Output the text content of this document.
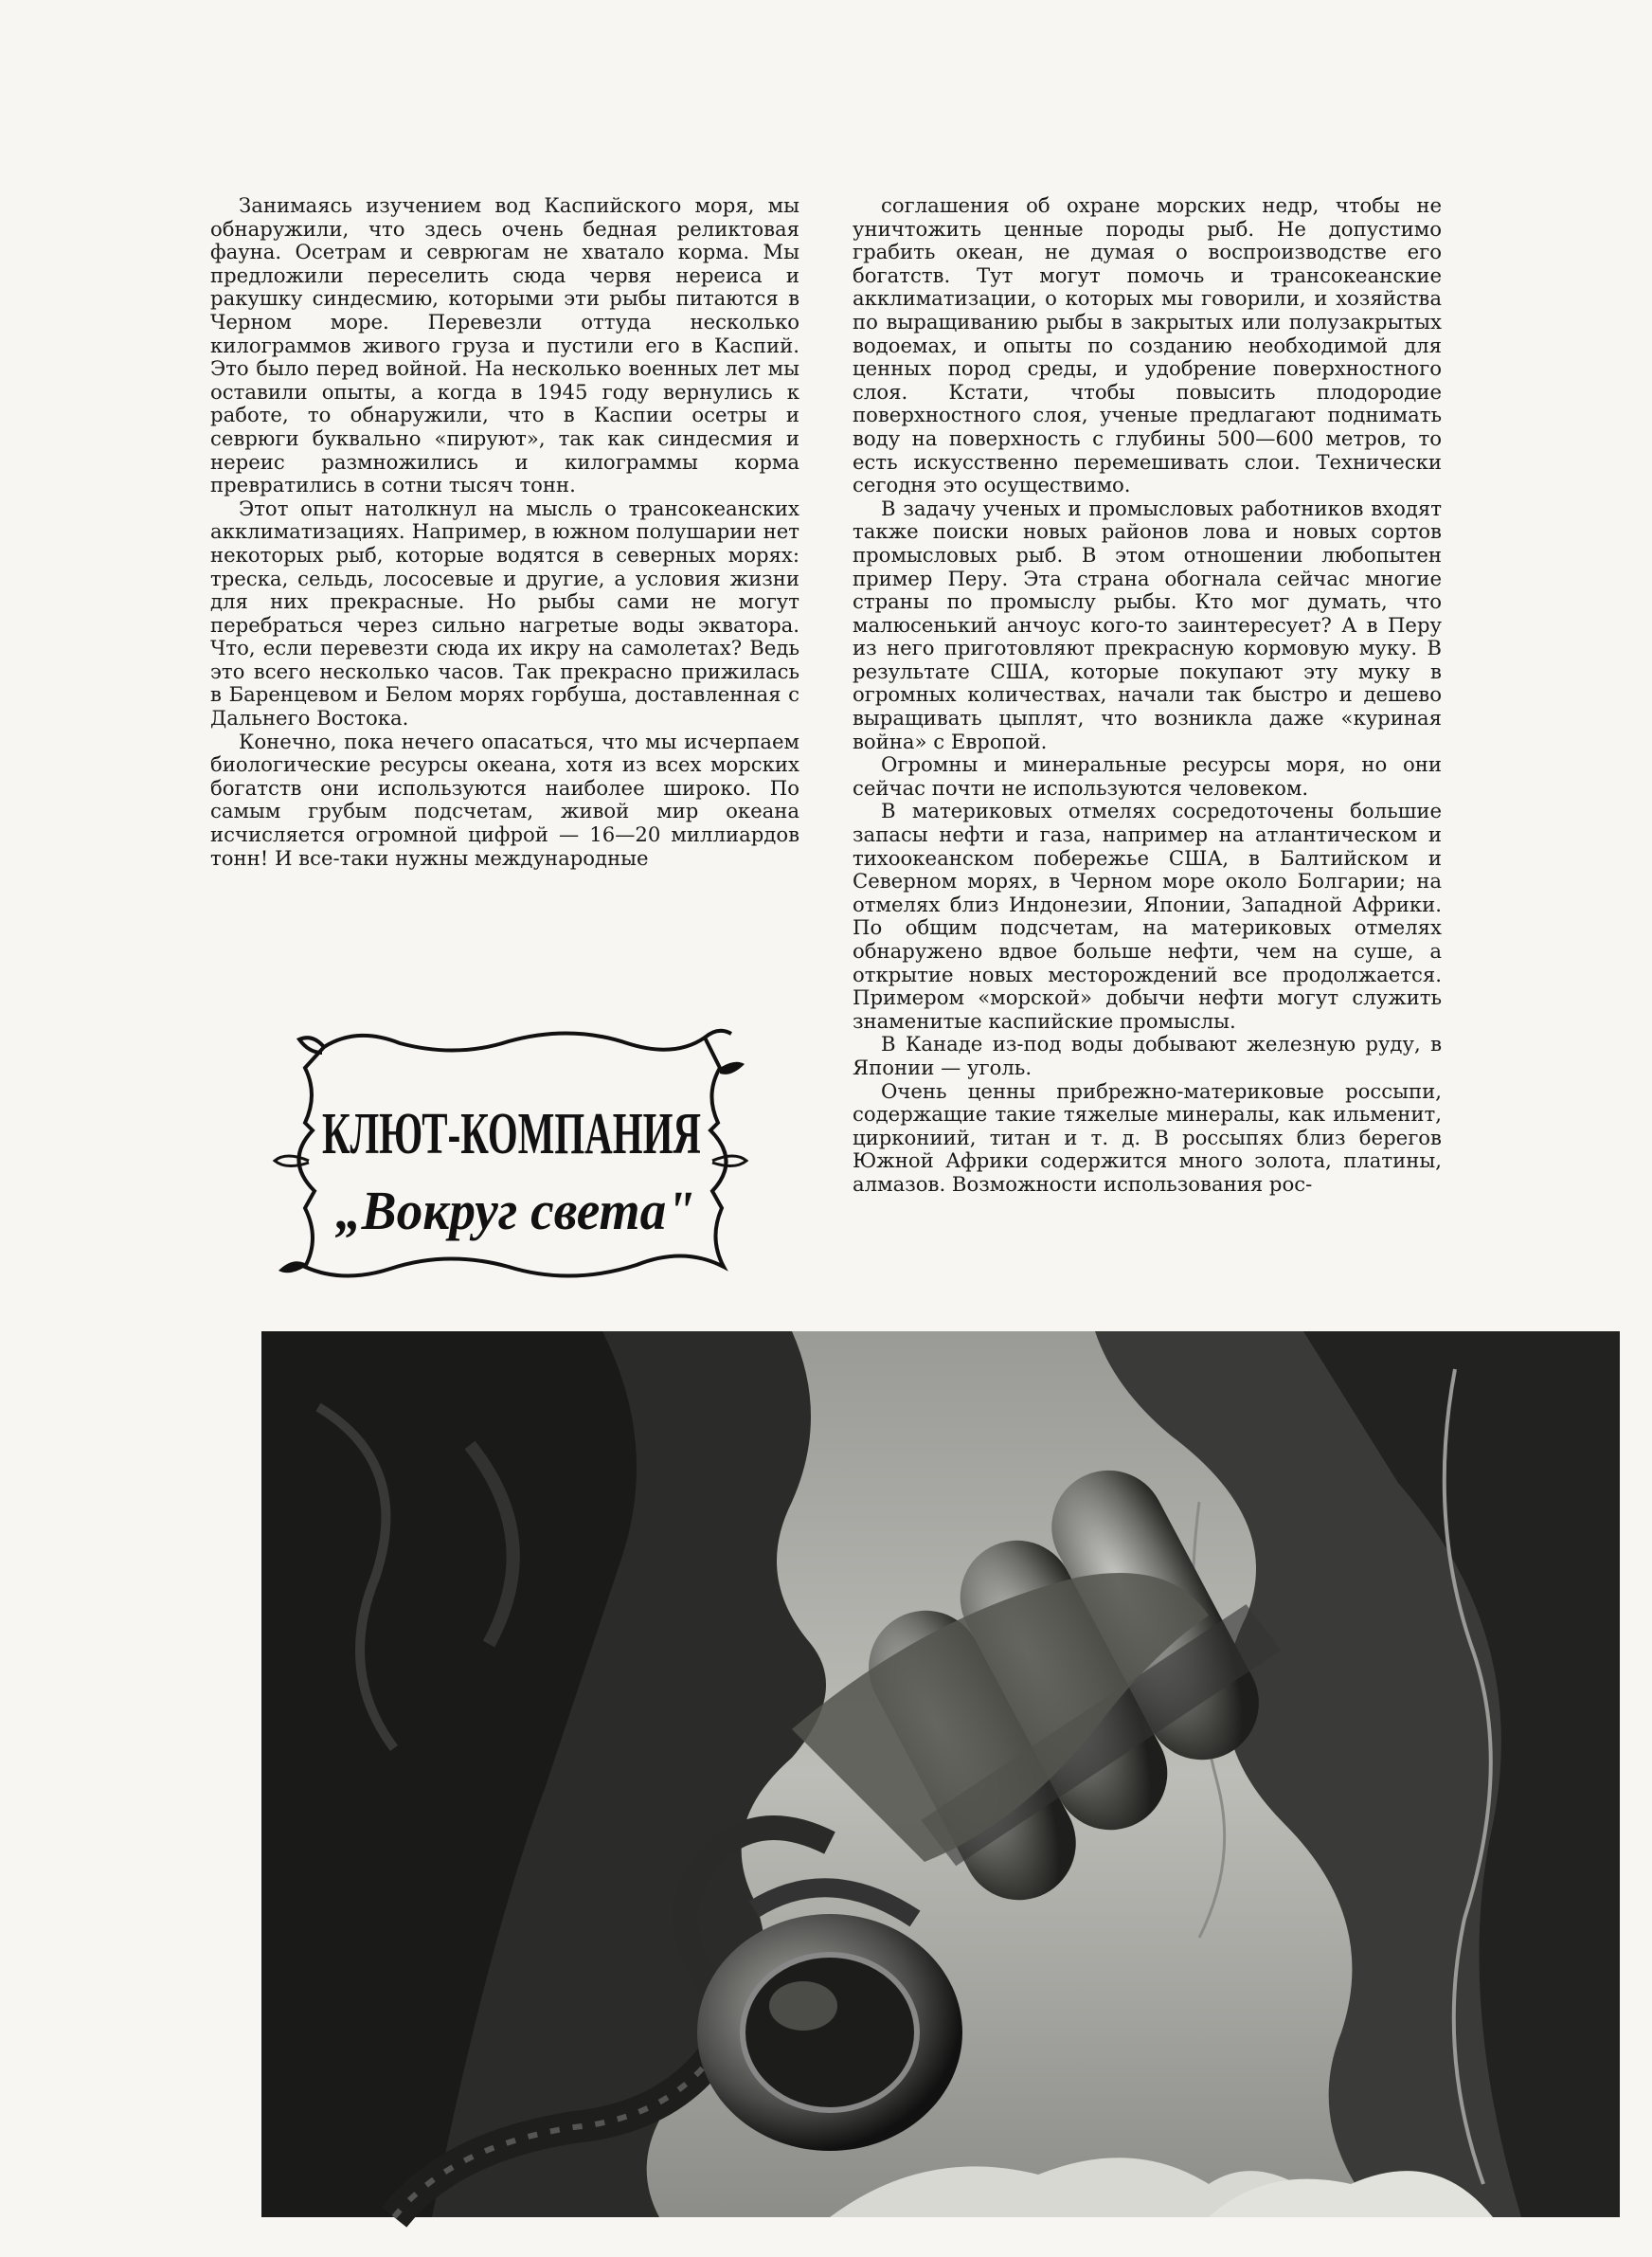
Занимаясь изучением вод Каспийского моря, мы обнаружили, что здесь очень бедная реликтовая фауна. Осетрам и севрюгам не хватало корма. Мы предложили переселить сюда червя нереиса и ракушку синдесмию, которыми эти рыбы питаются в Черном море. Перевезли оттуда несколько килограммов живого груза и пустили его в Каспий. Это было перед войной. На несколько военных лет мы оставили опыты, а когда в 1945 году вернулись к работе, то обнаружили, что в Каспии осетры и севрюги буквально «пируют», так как синдесмия и нереис размножились и килограммы корма превратились в сотни тысяч тонн.

Этот опыт натолкнул на мысль о трансокеанских акклиматизациях. Например, в южном полушарии нет некоторых рыб, которые водятся в северных морях: треска, сельдь, лососевые и другие, а условия жизни для них прекрасные. Но рыбы сами не могут перебраться через сильно нагретые воды экватора. Что, если перевезти сюда их икру на самолетах? Ведь это всего несколько часов. Так прекрасно прижилась в Баренцевом и Белом морях горбуша, доставленная с Дальнего Востока.

Конечно, пока нечего опасаться, что мы исчерпаем биологические ресурсы океана, хотя из всех морских богатств они используются наиболее широко. По самым грубым подсчетам, живой мир океана исчисляется огромной цифрой — 16—20 миллиардов тонн! И все-таки нужны международные

соглашения об охране морских недр, чтобы не уничтожить ценные породы рыб. Не допустимо грабить океан, не думая о воспроизводстве его богатств. Тут могут помочь и трансокеанские акклиматизации, о которых мы говорили, и хозяйства по выращиванию рыбы в закрытых или полузакрытых водоемах, и опыты по созданию необходимой для ценных пород среды, и удобрение поверхностного слоя. Кстати, чтобы повысить плодородие поверхностного слоя, ученые предлагают поднимать воду на поверхность с глубины 500—600 метров, то есть искусственно перемешивать слои. Технически сегодня это осуществимо.

В задачу ученых и промысловых работников входят также поиски новых районов лова и новых сортов промысловых рыб. В этом отношении любопытен пример Перу. Эта страна обогнала сейчас многие страны по промыслу рыбы. Кто мог думать, что малюсенький анчоус кого-то заинтересует? А в Перу из него приготовляют прекрасную кормовую муку. В результате США, которые покупают эту муку в огромных количествах, начали так быстро и дешево выращивать цыплят, что возникла даже «куриная война» с Европой.

Огромны и минеральные ресурсы моря, но они сейчас почти не используются человеком.

В материковых отмелях сосредоточены большие запасы нефти и газа, например на атлантическом и тихоокеанском побережье США, в Балтийском и Северном морях, в Черном море около Болгарии; на отмелях близ Индонезии, Японии, Западной Африки. По общим подсчетам, на материковых отмелях обнаружено вдвое больше нефти, чем на суше, а открытие новых месторождений все продолжается. Примером «морской» добычи нефти могут служить знаменитые каспийские промыслы.

В Канаде из-под воды добывают железную руду, в Японии — уголь.

Очень ценны прибрежно-материковые россыпи, содержащие такие тяжелые минералы, как ильменит, циркониий, титан и т. д. В россыпях близ берегов Южной Африки содержится много золота, платины, алмазов. Возможности использования рос-

КЛЮТ-КОМПАНИЯ
„Вокруг света"
